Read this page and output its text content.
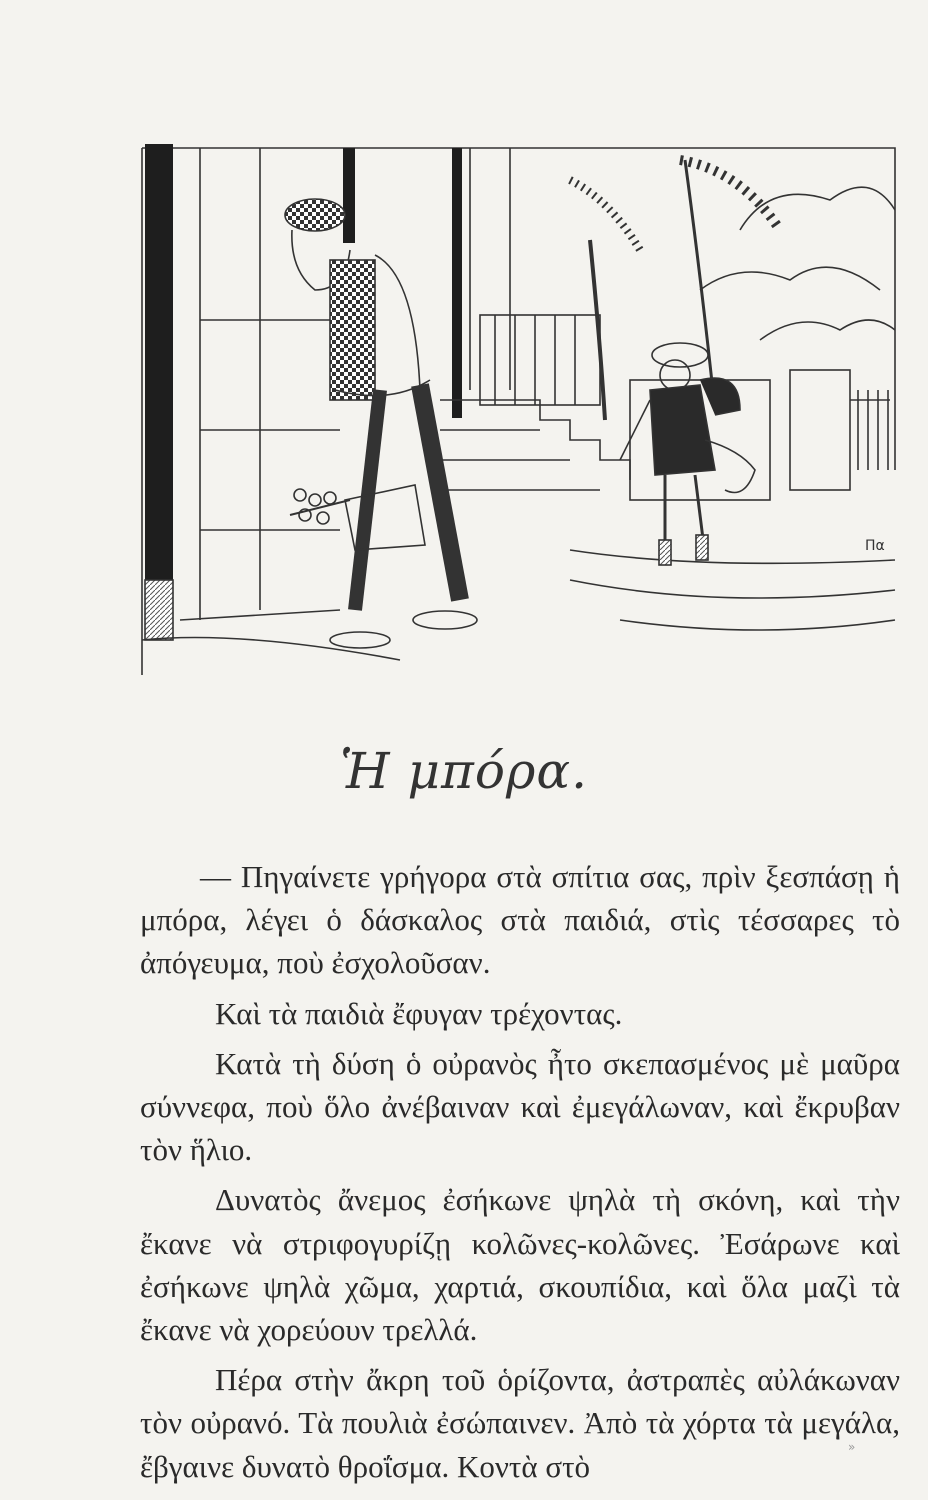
Πα
Ἡ μπόρα.

— Πηγαίνετε γρήγορα στὰ σπίτια σας, πρὶν ξεσπάσῃ ἡ μπόρα, λέγει ὁ δάσκαλος στὰ παιδιά, στὶς τέσσαρες τὸ ἀπόγευμα, ποὺ ἐσχολοῦσαν.

Καὶ τὰ παιδιὰ ἔφυγαν τρέχοντας.

Κατὰ τὴ δύση ὁ οὐρανὸς ἦτο σκεπασμένος μὲ μαῦρα σύννεφα, ποὺ ὅλο ἀνέβαιναν καὶ ἐμεγάλωναν, καὶ ἔκρυβαν τὸν ἥλιο.

Δυνατὸς ἄνεμος ἐσήκωνε ψηλὰ τὴ σκόνη, καὶ τὴν ἔκανε νὰ στριφογυρίζῃ κολῶνες-κολῶνες. Ἐσάρωνε καὶ ἐσήκωνε ψηλὰ χῶμα, χαρτιά, σκουπίδια, καὶ ὅλα μαζὶ τὰ ἔκανε νὰ χορεύουν τρελλά.

Πέρα στὴν ἄκρη τοῦ ὁρίζοντα, ἀστραπὲς αὐλάκωναν τὸν οὐρανό. Τὰ πουλιὰ ἐσώπαινεν. Ἀπὸ τὰ χόρτα τὰ μεγάλα, ἔβγαινε δυνατὸ θροΐσμα. Κοντὰ στὸ

»
